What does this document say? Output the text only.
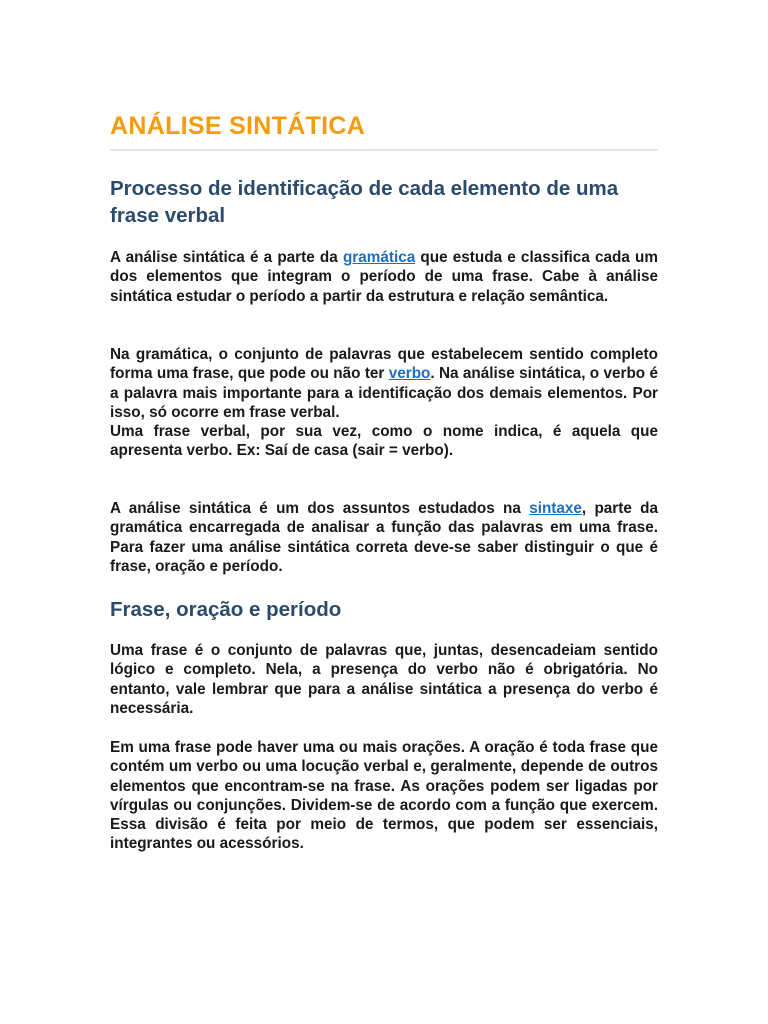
ANÁLISE SINTÁTICA
Processo de identificação de cada elemento de uma frase verbal

A análise sintática é a parte da gramática que estuda e classifica cada um dos elementos que integram o período de uma frase. Cabe à análise sintática estudar o período a partir da estrutura e relação semântica.

Na gramática, o conjunto de palavras que estabelecem sentido completo forma uma frase, que pode ou não ter verbo. Na análise sintática, o verbo é a palavra mais importante para a identificação dos demais elementos. Por isso, só ocorre em frase verbal.
Uma frase verbal, por sua vez, como o nome indica, é aquela que apresenta verbo. Ex: Saí de casa (sair = verbo).

A análise sintática é um dos assuntos estudados na sintaxe, parte da gramática encarregada de analisar a função das palavras em uma frase. Para fazer uma análise sintática correta deve-se saber distinguir o que é frase, oração e período.

Frase, oração e período

Uma frase é o conjunto de palavras que, juntas, desencadeiam sentido lógico e completo. Nela, a presença do verbo não é obrigatória. No entanto, vale lembrar que para a análise sintática a presença do verbo é necessária.

Em uma frase pode haver uma ou mais orações. A oração é toda frase que contém um verbo ou uma locução verbal e, geralmente, depende de outros elementos que encontram-se na frase. As orações podem ser ligadas por vírgulas ou conjunções. Dividem-se de acordo com a função que exercem. Essa divisão é feita por meio de termos, que podem ser essenciais, integrantes ou acessórios.
